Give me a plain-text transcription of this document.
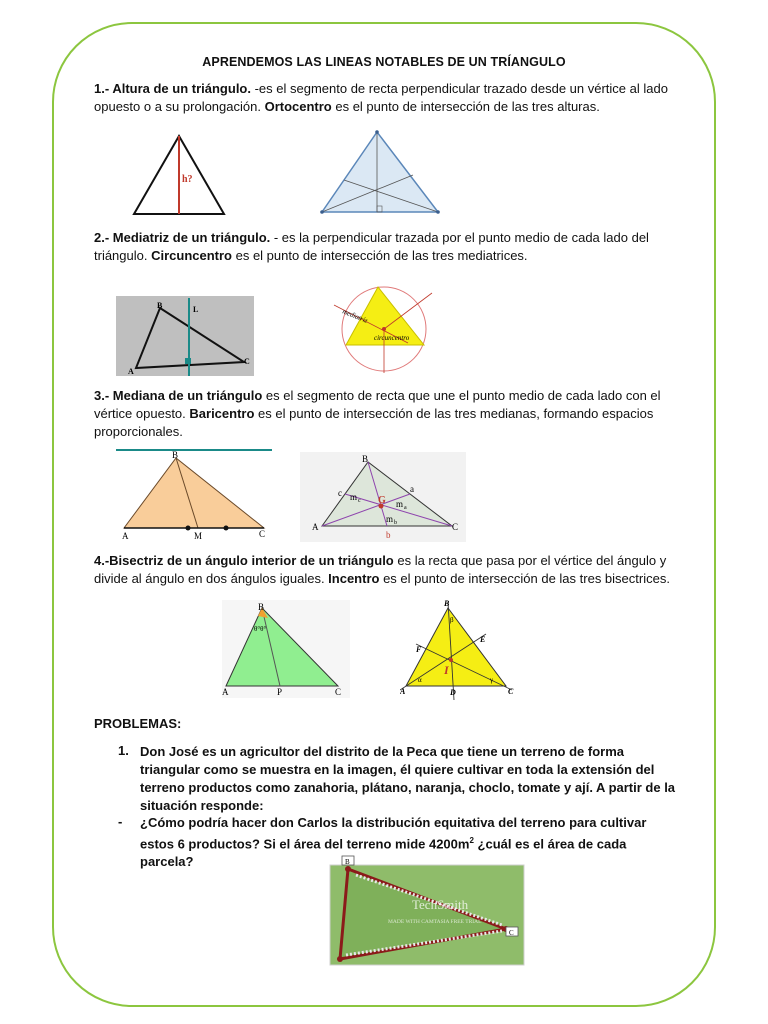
APRENDEMOS LAS LINEAS NOTABLES DE UN TRÍANGULO
1.- Altura de un triángulo. -es el segmento de recta perpendicular trazado desde un vértice al lado opuesto o a su prolongación. Ortocentro es el punto de intersección de las tres alturas.
h?
2.- Mediatriz de un triángulo. - es la perpendicular trazada por el punto medio de cada lado del triángulo. Circuncentro es el punto de intersección de las tres mediatrices.
B	L
A
C
mediatriz
circuncentro
3.- Mediana de un triángulo es el segmento de recta que une el punto medio de cada lado con el vértice opuesto. Baricentro es el punto de intersección de las tres medianas, formando espacios proporcionales.
B
A	M	C
B
A	C
c	a
b
G
m c	m a
m b
4.-Bisectriz de un ángulo interior de un triángulo es la recta que pasa por el vértice del ángulo y divide al ángulo en dos ángulos iguales. Incentro es el punto de intersección de las tres bisectrices.
B
θ°θ°
A	P	C
B
A	C
D
F
E
I
α
β
γ
PROBLEMAS:
1. Don José es un agricultor del distrito de la Peca que tiene un terreno de forma triangular como se muestra en la imagen, él quiere cultivar en toda la extensión del terreno productos como zanahoria, plátano, naranja, choclo, tomate y ají. A partir de la situación responde:
- ¿Cómo podría hacer don Carlos la distribución equitativa del terreno para cultivar estos 6 productos? Si el área del terreno mide $4200m^2$ ¿cuál es el área de cada parcela?	B
C
TechSmith
MADE WITH CAMTASIA FREE TRIAL
